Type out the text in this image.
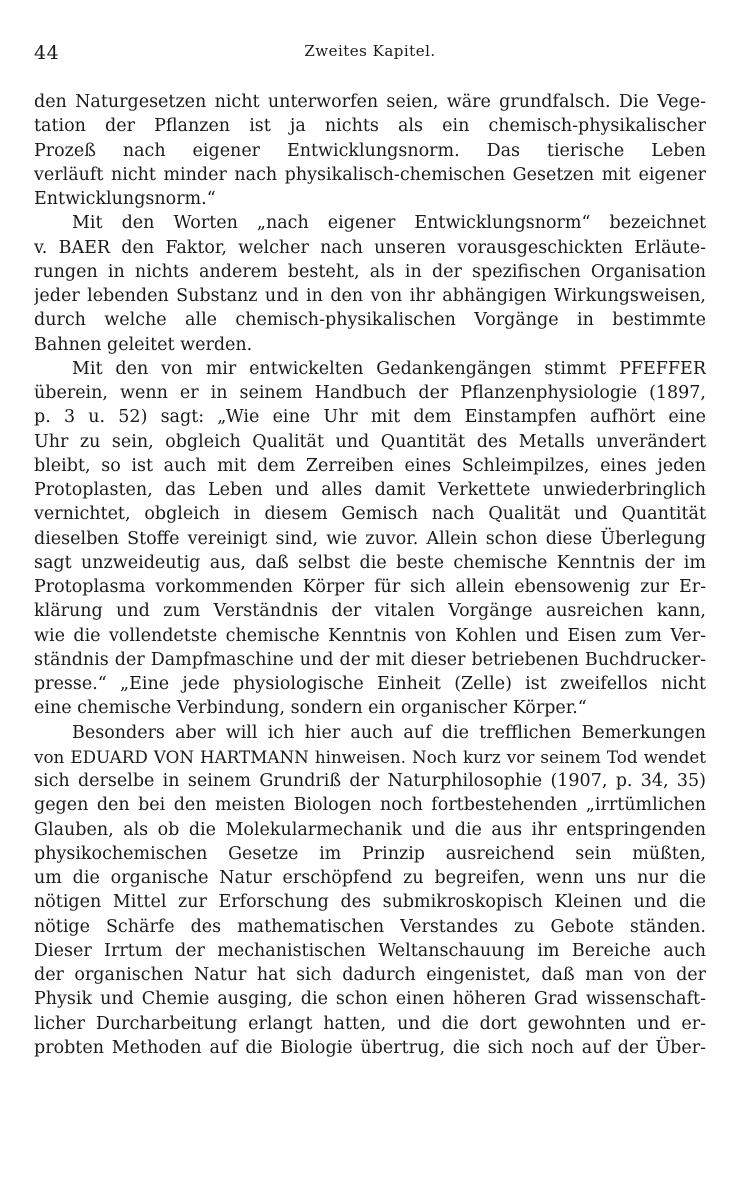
44	Zweites Kapitel.
den Naturgesetzen nicht unterworfen seien, wäre grundfalsch. Die Vege-
tation der Pflanzen ist ja nichts als ein chemisch-physikalischer
Prozeß nach eigener Entwicklungsnorm. Das tierische Leben
verläuft nicht minder nach physikalisch-chemischen Gesetzen mit eigener
Entwicklungsnorm.“
Mit den Worten „nach eigener Entwicklungsnorm“ bezeichnet
v. BAER den Faktor, welcher nach unseren vorausgeschickten Erläute-
rungen in nichts anderem besteht, als in der spezifischen Organisation
jeder lebenden Substanz und in den von ihr abhängigen Wirkungsweisen,
durch welche alle chemisch-physikalischen Vorgänge in bestimmte
Bahnen geleitet werden.
Mit den von mir entwickelten Gedankengängen stimmt PFEFFER
überein, wenn er in seinem Handbuch der Pflanzenphysiologie (1897,
p. 3 u. 52) sagt: „Wie eine Uhr mit dem Einstampfen aufhört eine
Uhr zu sein, obgleich Qualität und Quantität des Metalls unverändert
bleibt, so ist auch mit dem Zerreiben eines Schleimpilzes, eines jeden
Protoplasten, das Leben und alles damit Verkettete unwiederbringlich
vernichtet, obgleich in diesem Gemisch nach Qualität und Quantität
dieselben Stoffe vereinigt sind, wie zuvor. Allein schon diese Überlegung
sagt unzweideutig aus, daß selbst die beste chemische Kenntnis der im
Protoplasma vorkommenden Körper für sich allein ebensowenig zur Er-
klärung und zum Verständnis der vitalen Vorgänge ausreichen kann,
wie die vollendetste chemische Kenntnis von Kohlen und Eisen zum Ver-
ständnis der Dampfmaschine und der mit dieser betriebenen Buchdrucker-
presse.“ „Eine jede physiologische Einheit (Zelle) ist zweifellos nicht
eine chemische Verbindung, sondern ein organischer Körper.“
Besonders aber will ich hier auch auf die trefflichen Bemerkungen
von EDUARD VON HARTMANN hinweisen. Noch kurz vor seinem Tod wendet
sich derselbe in seinem Grundriß der Naturphilosophie (1907, p. 34, 35)
gegen den bei den meisten Biologen noch fortbestehenden „irrtümlichen
Glauben, als ob die Molekularmechanik und die aus ihr entspringenden
physikochemischen Gesetze im Prinzip ausreichend sein müßten,
um die organische Natur erschöpfend zu begreifen, wenn uns nur die
nötigen Mittel zur Erforschung des submikroskopisch Kleinen und die
nötige Schärfe des mathematischen Verstandes zu Gebote ständen.
Dieser Irrtum der mechanistischen Weltanschauung im Bereiche auch
der organischen Natur hat sich dadurch eingenistet, daß man von der
Physik und Chemie ausging, die schon einen höheren Grad wissenschaft-
licher Durcharbeitung erlangt hatten, und die dort gewohnten und er-
probten Methoden auf die Biologie übertrug, die sich noch auf der Über-
